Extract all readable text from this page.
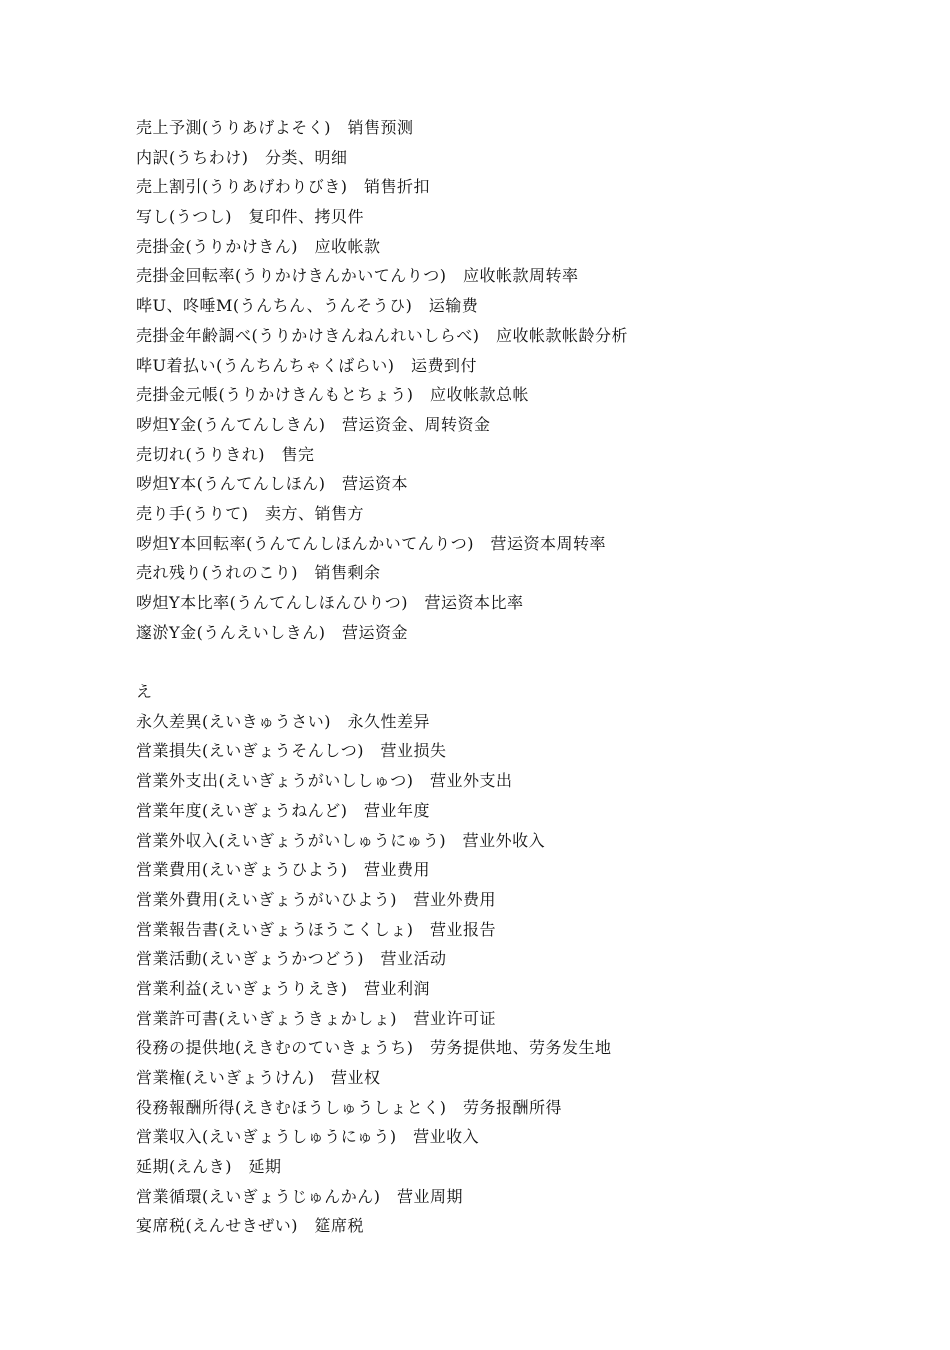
売上予測(うりあげよそく)　销售预测
内訳(うちわけ)　分类、明细
売上割引(うりあげわりびき)　销售折扣
写し(うつし)　复印件、拷贝件
売掛金(うりかけきん)　应收帐款
売掛金回転率(うりかけきんかいてんりつ)　应收帐款周转率
哔U、咚唾M(うんちん、うんそうひ)　运输费
売掛金年齢調べ(うりかけきんねんれいしらべ)　应收帐款帐龄分析
哔U着払い(うんちんちゃくばらい)　运费到付
売掛金元帳(うりかけきんもとちょう)　应收帐款总帐
哕炟Y金(うんてんしきん)　营运资金、周转资金
売切れ(うりきれ)　售完
哕炟Y本(うんてんしほん)　营运资本
売り手(うりて)　卖方、销售方
哕炟Y本回転率(うんてんしほんかいてんりつ)　营运资本周转率
売れ残り(うれのこり)　销售剩余
哕炟Y本比率(うんてんしほんひりつ)　营运资本比率
邃淤Y金(うんえいしきん)　营运资金
え
永久差異(えいきゅうさい)　永久性差异
営業損失(えいぎょうそんしつ)　营业损失
営業外支出(えいぎょうがいししゅつ)　营业外支出
営業年度(えいぎょうねんど)　营业年度
営業外収入(えいぎょうがいしゅうにゅう)　营业外收入
営業費用(えいぎょうひよう)　营业费用
営業外費用(えいぎょうがいひよう)　营业外费用
営業報告書(えいぎょうほうこくしょ)　营业报告
営業活動(えいぎょうかつどう)　营业活动
営業利益(えいぎょうりえき)　营业利润
営業許可書(えいぎょうきょかしょ)　营业许可证
役務の提供地(えきむのていきょうち)　劳务提供地、劳务发生地
営業権(えいぎょうけん)　营业权
役務報酬所得(えきむほうしゅうしょとく)　劳务报酬所得
営業収入(えいぎょうしゅうにゅう)　营业收入
延期(えんき)　延期
営業循環(えいぎょうじゅんかん)　营业周期
宴席税(えんせきぜい)　筵席税
